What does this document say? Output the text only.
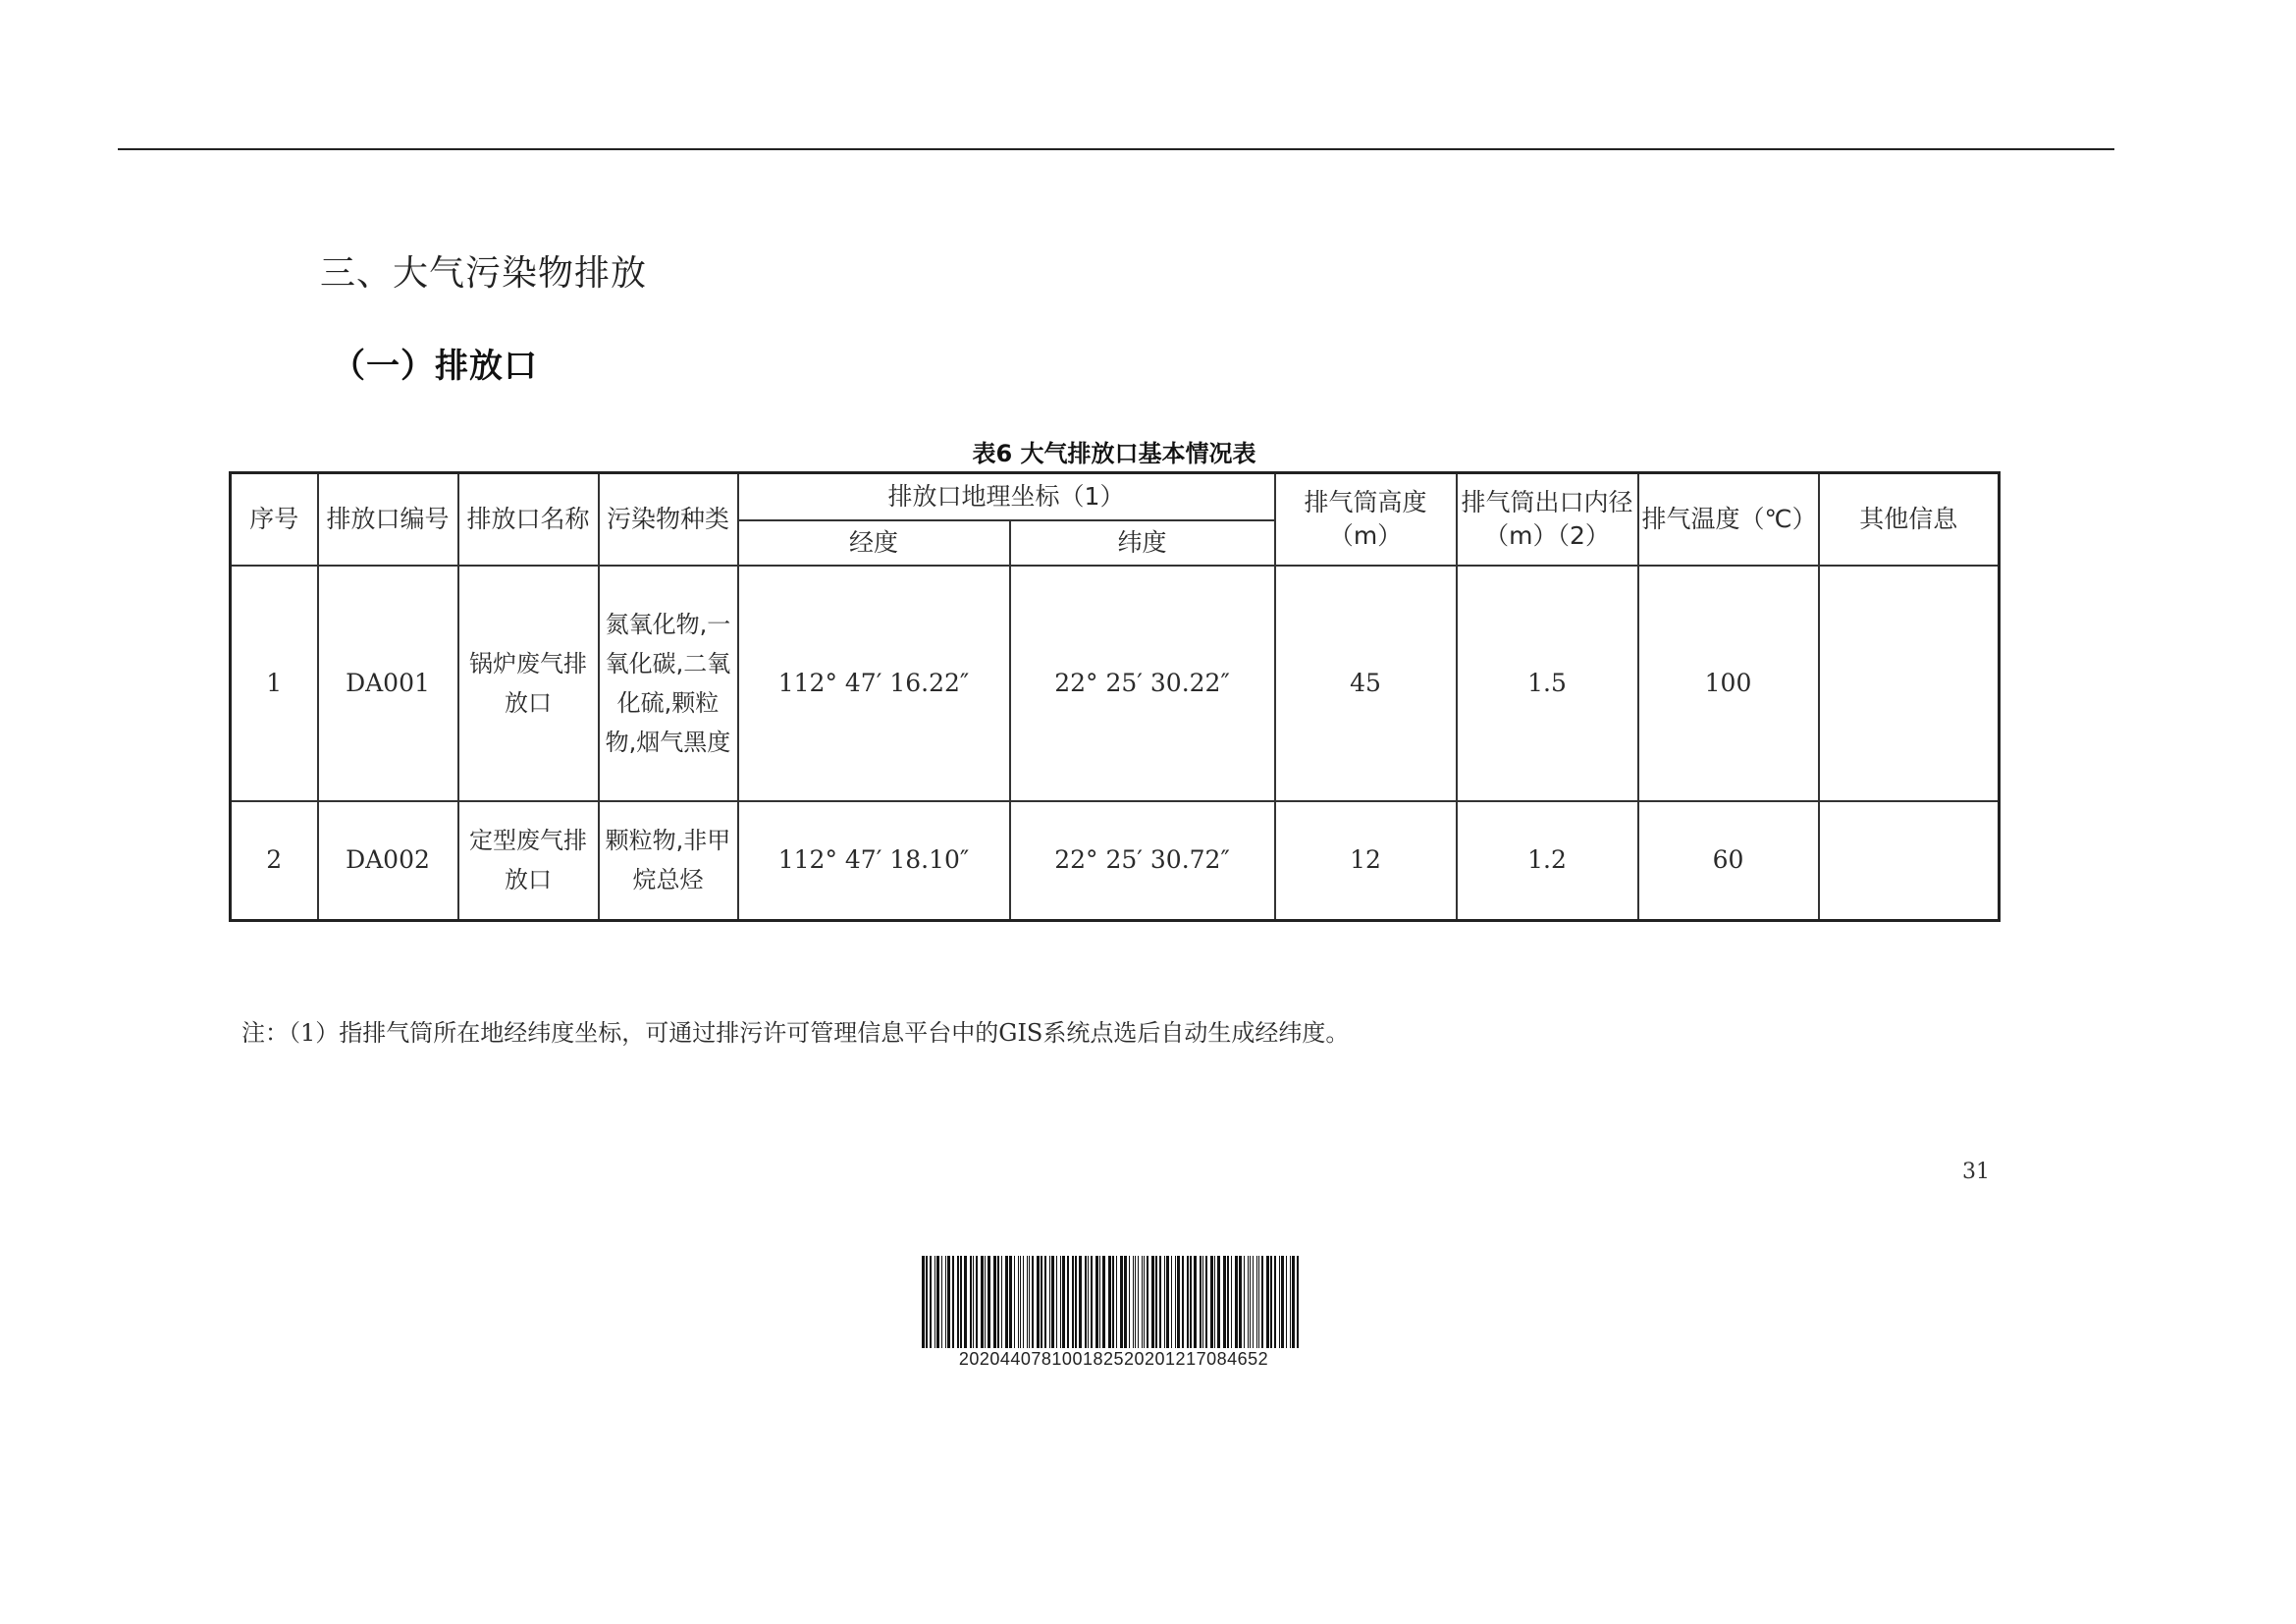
三、大气污染物排放
（一）排放口
表6 大气排放口基本情况表
序号	排放口编号	排放口名称	污染物种类	排放口地理坐标（1）		排气筒高度（m）	排气筒出口内径（m）（2）	排气温度（℃）	其他信息
				经度	纬度				
1	DA001	锅炉废气排放口	氮氧化物,一氧化碳,二氧化硫,颗粒物,烟气黑度	112° 47′ 16.22″	22° 25′ 30.22″	45	1.5	100	
2	DA002	定型废气排放口	颗粒物,非甲烷总烃	112° 47′ 18.10″	22° 25′ 30.72″	12	1.2	60	
注：（1）指排气筒所在地经纬度坐标，可通过排污许可管理信息平台中的GIS系统点选后自动生成经纬度。
31
20204407810018252020121708465​2
